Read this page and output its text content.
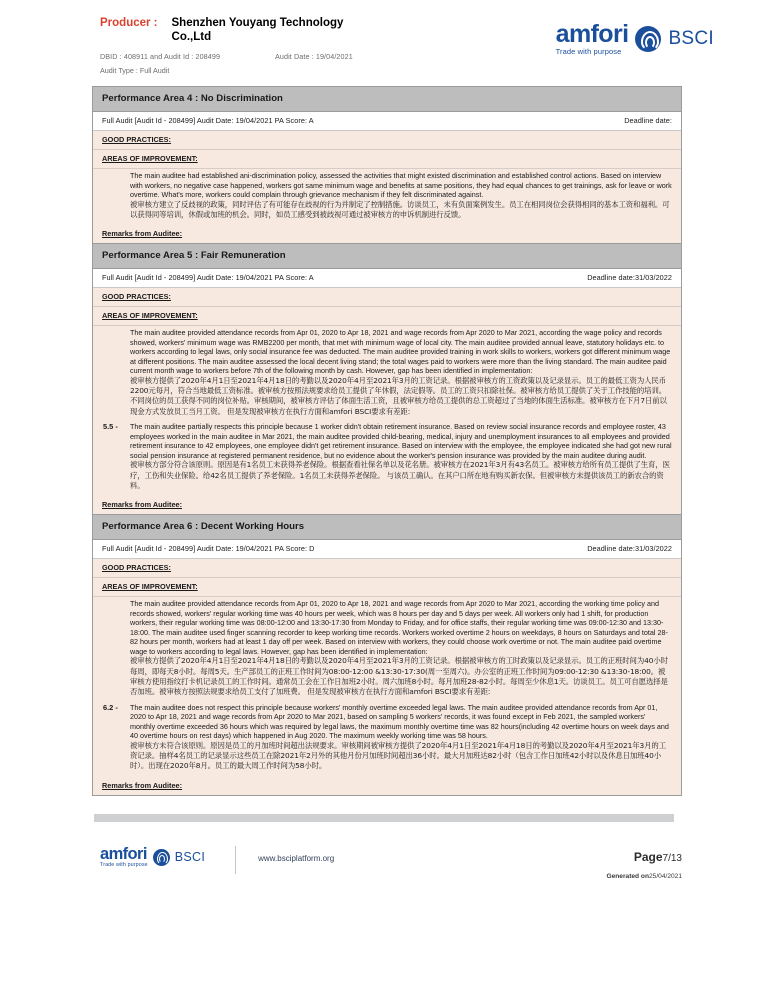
Producer : Shenzhen Youyang Technology Co.,Ltd
DBID : 408911 and Audit Id : 208499	Audit Date : 19/04/2021
Audit Type : Full Audit
amfori
Trade with purpose
BSCI
Performance Area 4 : No Discrimination
Full Audit [Audit Id - 208499] Audit Date: 19/04/2021 PA Score: A	Deadline date:
GOOD PRACTICES:
AREAS OF IMPROVEMENT:

The main auditee had established ani-discrimination policy, assessed the activities that might existed discrimination and established control actions. Based on interview with workers, no negative case happened, workers got same minimum wage and benefits at same positions, they had equal chances to get trainings, ask for leave or work overtime. What's more, workers could complain through grievance mechanism if they felt discriminated against.

被审核方建立了反歧视的政策，同时评估了有可能存在歧视的行为并制定了控制措施。访谈员工，未有负面案例发生。员工在相同岗位会获得相同的基本工资和福利。可以获得同等培训，休假或加班的机会。同时，如员工感受到被歧视可通过被审核方的申诉机制进行反馈。

Remarks from Auditee:
Performance Area 5 : Fair Remuneration
Full Audit [Audit Id - 208499] Audit Date: 19/04/2021 PA Score: A	Deadline date:31/03/2022
GOOD PRACTICES:
AREAS OF IMPROVEMENT:

The main auditee provided attendance records from Apr 01, 2020 to Apr 18, 2021 and wage records from Apr 2020 to Mar 2021, according the wage policy and records showed, workers' minimum wage was RMB2200 per month, that met with minimum wage of local city. The main auditee provided annual leave, statutory holidays etc. to workers according to legal laws, only social insurance fee was deducted. The main auditee provided training in work skills to workers, workers got different minimum wage at different positions. The main auditee assessed the local decent living stand; the total wages paid to workers were more than the living standard. The main auditee paid current month wage to workers before 7th of the following month by cash. However, gap has been identified in implementation:

被审核方提供了2020年4月1日至2021年4月18日的考勤以及2020年4月至2021年3月的工资记录。根据被审核方的工资政策以及记录显示。员工的最低工资为人民币2200元每月，符合当地最低工资标准。被审核方按照法规要求给员工提供了年休假，法定假等。员工的工资只扣除社保。被审核方给员工提供了关于工作技能的培训。不同岗位的员工获得不同的岗位补贴。审核期间，被审核方评估了体面生活工资，且被审核方给员工提供的总工资超过了当地的体面生活标准。被审核方在下月7日前以现金方式发放员工当月工资。 但是发现被审核方在执行方面和amfori BSCI要求有差距:

5.5 -	The main auditee partially respects this principle because 1 worker didn't obtain retirement insurance. Based on review social insurance records and employee roster, 43 employees worked in the main auditee in Mar 2021, the main auditee provided child-bearing, medical, injury and unemployment insurances to all employees and provided retirement insurance to 42 employees, one employee didn't get retirement insurance. Based on interview with the employee, the employee indicated she had got new rural social pension insurance at registered permanent residence, but no evidence about the worker's pension insurance was provided by the main auditee during audit.

被审核方部分符合该原则。原因是有1名员工未获得养老保险。根据查看社保名单以及花名册。被审核方在2021年3月有43名员工。被审核方给所有员工提供了生育，医疗，工伤和失业保险。给42名员工提供了养老保险。1名员工未获得养老保险。 与该员工确认。在其户口所在地有购买新农保。但被审核方未提供该员工的新农合的资料。

Remarks from Auditee:
Performance Area 6 : Decent Working Hours
Full Audit [Audit Id - 208499] Audit Date: 19/04/2021 PA Score: D	Deadline date:31/03/2022
GOOD PRACTICES:
AREAS OF IMPROVEMENT:

The main auditee provided attendance records from Apr 01, 2020 to Apr 18, 2021 and wage records from Apr 2020 to Mar 2021, according the working time policy and records showed, workers' regular working time was 40 hours per week, which was 8 hours per day and 5 days per week. All workers only had 1 shift, for production workers, their regular working time was 08:00-12:00 and 13:30-17:30 from Monday to Friday, and for office staffs, their regular working time was 09:00-12:30 and 13:30-18:00. The main auditee used finger scanning recorder to keep working time records. Workers worked overtime 2 hours on weekdays, 8 hours on Saturdays and total 28-82 hours per month, workers had at least 1 day off per week. Based on interview with workers, they could choose work overtime or not. The main auditee paid overtime wage to workers according to legal laws. However, gap has been identified in implementation:

被审核方提供了2020年4月1日至2021年4月18日的考勤以及2020年4月至2021年3月的工资记录。根据被审核方的工时政策以及记录显示。员工的正班时间为40小时每周，即每天8小时。每周5天。生产部员工的正班工作时间为08:00-12:00 &13:30-17:30(周一至周六)。办公室的正班工作时间为09:00-12:30 &13:30-18:00。被审核方使用指纹打卡机记录员工的工作时间。通常员工会在工作日加班2小时。周六加班8小时。每月加班28-82小时。每周至少休息1天。访谈员工。员工可自愿选择是否加班。被审核方按照法规要求给员工支付了加班费。 但是发现被审核方在执行方面和amfori BSCI要求有差距:

6.2 -	The main auditee does not respect this principle because workers' monthly overtime exceeded legal laws. The main auditee provided attendance records from Apr 01, 2020 to Apr 18, 2021 and wage records from Apr 2020 to Mar 2021, based on sampling 5 workers' records, it was found except in Feb 2021, the sampled workers' monthly overtime exceeded 36 hours which was required by legal laws, the maximum monthly overtime time was 82 hours(including 42 overtime hours on week days and 40 overtime hours on rest days) which happened in Aug 2020. The maximum weekly working time was 58 hours.

被审核方未符合该原则。原因是员工的月加班时间超出法规要求。审核期间被审核方提供了2020年4月1日至2021年4月18日的考勤以及2020年4月至2021年3月的工资记录。抽样4名员工的记录显示这些员工在除2021年2月外的其他月份月加班时间超出36小时。最大月加班达82小时（包含工作日加班42小时以及休息日加班40小时）。出现在2020年8月。员工的最大周工作时间为58小时。

Remarks from Auditee:
amfori
Trade with purpose
BSCI	www.bsciplatform.org	Page7/13
Generated on25/04/2021
